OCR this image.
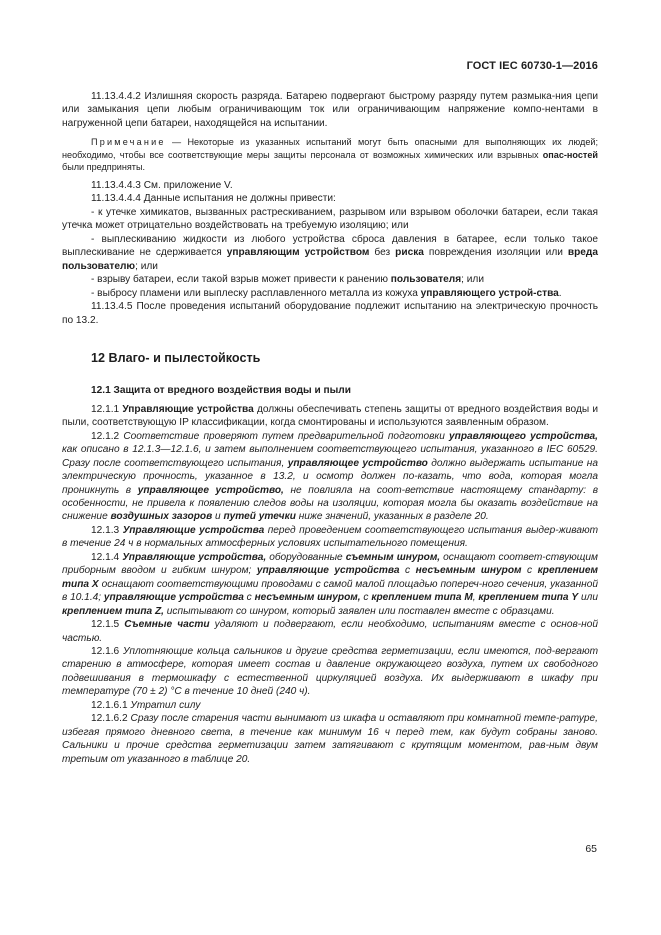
ГОСТ IEC 60730-1—2016

11.13.4.4.2 Излишняя скорость разряда. Батарею подвергают быстрому разряду путем размыка-ния цепи или замыкания цепи любым ограничивающим ток или ограничивающим напряжение компо-нентами в нагруженной цепи батареи, находящейся на испытании.

Примечание — Некоторые из указанных испытаний могут быть опасными для выполняющих их людей; необходимо, чтобы все соответствующие меры защиты персонала от возможных химических или взрывных опас-ностей были предприняты.

11.13.4.4.3 См. приложение V.

11.13.4.4.4 Данные испытания не должны привести:

- к утечке химикатов, вызванных растрескиванием, разрывом или взрывом оболочки батареи, если такая утечка может отрицательно воздействовать на требуемую изоляцию; или

- выплескиванию жидкости из любого устройства сброса давления в батарее, если только такое выплескивание не сдерживается управляющим устройством без риска повреждения изоляции или вреда пользователю; или

- взрыву батареи, если такой взрыв может привести к ранению пользователя; или

- выбросу пламени или выплеску расплавленного металла из кожуха управляющего устрой-ства.

11.13.4.5 После проведения испытаний оборудование подлежит испытанию на электрическую прочность по 13.2.

12 Влаго- и пылестойкость

12.1 Защита от вредного воздействия воды и пыли

12.1.1 Управляющие устройства должны обеспечивать степень защиты от вредного воздействия воды и пыли, соответствующую IP классификации, когда смонтированы и используются заявленным образом.

12.1.2 Соответствие проверяют путем предварительной подготовки управляющего устройства, как описано в 12.1.3—12.1.6, и затем выполнением соответствующего испытания, указанного в IEC 60529. Сразу после соответствующего испытания, управляющее устройство должно выдержать испытание на электрическую прочность, указанное в 13.2, и осмотр должен по-казать, что вода, которая могла проникнуть в управляющее устройство, не повлияла на соот-ветствие настоящему стандарту: в особенности, не привела к появлению следов воды на изоляции, которая могла бы оказать воздействие на снижение воздушных зазоров и путей утечки ниже значений, указанных в разделе 20.

12.1.3 Управляющие устройства перед проведением соответствующего испытания выдер-живают в течение 24 ч в нормальных атмосферных условиях испытательного помещения.

12.1.4 Управляющие устройства, оборудованные съемным шнуром, оснащают соответ-ствующим приборным вводом и гибким шнуром; управляющие устройства с несъемным шнуром с креплением типа X оснащают соответствующими проводами с самой малой площадью попереч-ного сечения, указанной в 10.1.4; управляющие устройства с несъемным шнуром, с креплением типа M, креплением типа Y или креплением типа Z, испытывают со шнуром, который заявлен или поставлен вместе с образцами.

12.1.5 Съемные части удаляют и подвергают, если необходимо, испытаниям вместе с основ-ной частью.

12.1.6 Уплотняющие кольца сальников и другие средства герметизации, если имеются, под-вергают старению в атмосфере, которая имеет состав и давление окружающего воздуха, путем их свободного подвешивания в термошкафу с естественной циркуляцией воздуха. Их выдерживают в шкафу при температуре (70 ± 2) °С в течение 10 дней (240 ч).

12.1.6.1 Утратил силу

12.1.6.2 Сразу после старения части вынимают из шкафа и оставляют при комнатной темпе-ратуре, избегая прямого дневного света, в течение как минимум 16 ч перед тем, как будут собраны заново. Сальники и прочие средства герметизации затем затягивают с крутящим моментом, рав-ным двум третьим от указанного в таблице 20.

65
